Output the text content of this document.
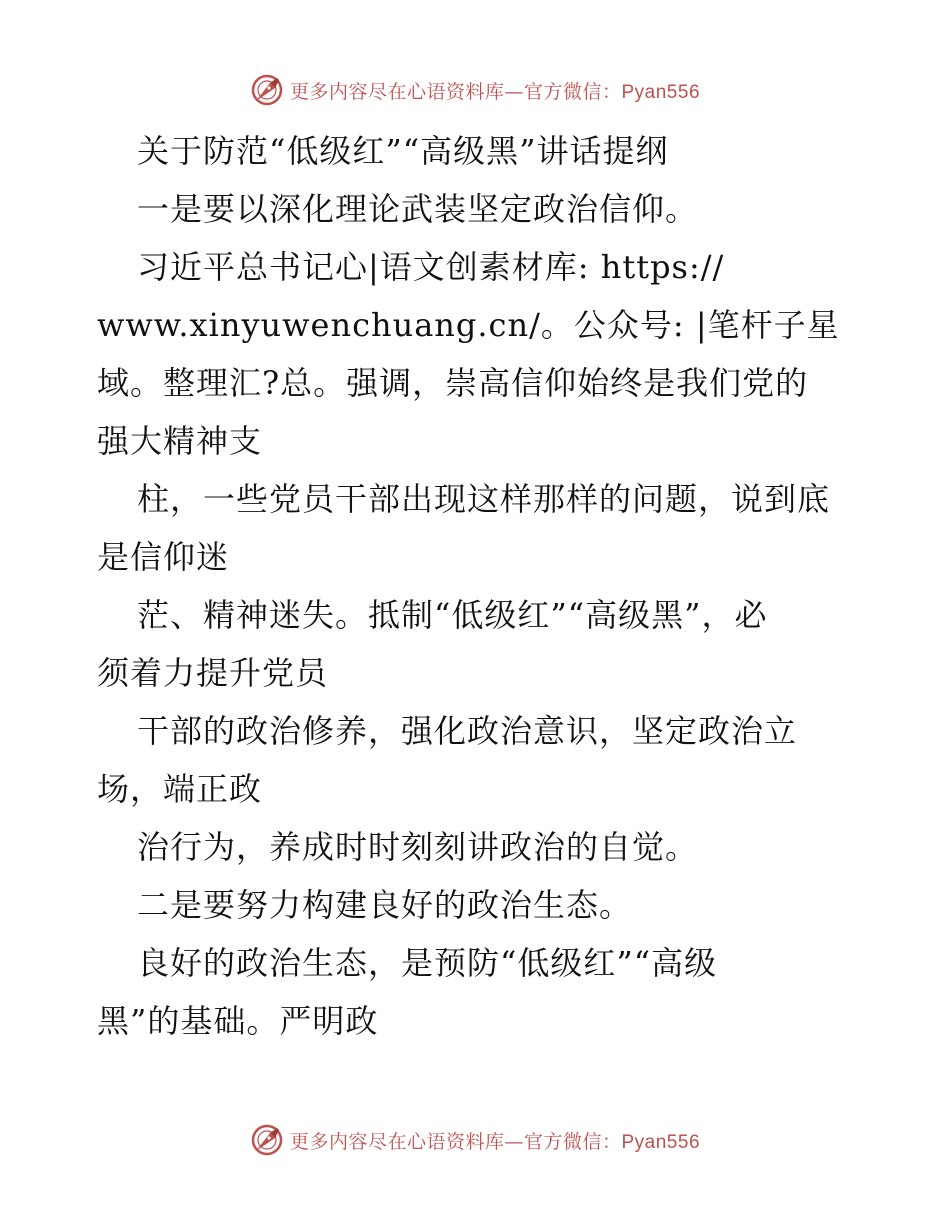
更多内容尽在心语资料库—官方微信：Pyan556
关于防范“低级红”“高级黑”讲话提纲
一是要以深化理论武装坚定政治信仰。
习近平总书记心|语文创素材库: https://
www.xinyuwenchuang.cn/。公众号: |笔杆子星
域。整理汇?总。强调，崇高信仰始终是我们党的
强大精神支
柱，一些党员干部出现这样那样的问题，说到底
是信仰迷
茫、精神迷失。抵制“低级红”“高级黑”，必
须着力提升党员
干部的政治修养，强化政治意识，坚定政治立
场，端正政
治行为，养成时时刻刻讲政治的自觉。
二是要努力构建良好的政治生态。
良好的政治生态，是预防“低级红”“高级
黑”的基础。严明政
更多内容尽在心语资料库—官方微信：Pyan556
